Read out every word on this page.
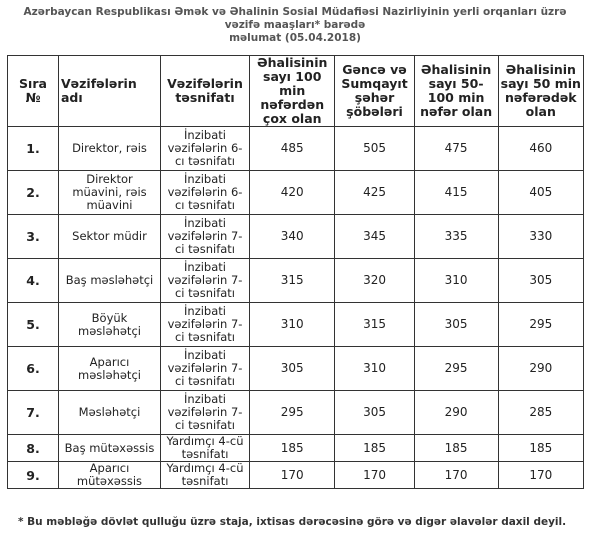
Azərbaycan Respublikası Əmək və Əhalinin Sosial Müdafiəsi Nazirliyinin yerli orqanları üzrə vəzifə maaşları* barədə
məlumat (05.04.2018)
Sıra №	Vəzifələrin adı	Vəzifələrin təsnifatı	Əhalisinin sayı 100 min nəfərdən çox olan	Gəncə və Sumqayıt şəhər şöbələri	Əhalisinin sayı 50-100 min nəfər olan	Əhalisinin sayı 50 min nəfərədək olan
1.	Direktor, rəis	İnzibati vəzifələrin 6-cı təsnifatı	485	505	475	460
2.	Direktor müavini, rəis müavini	İnzibati vəzifələrin 6-cı təsnifatı	420	425	415	405
3.	Sektor müdir	İnzibati vəzifələrin 7-ci təsnifatı	340	345	335	330
4.	Baş məsləhətçi	İnzibati vəzifələrin 7-ci təsnifatı	315	320	310	305
5.	Böyük məsləhətçi	İnzibati vəzifələrin 7-ci təsnifatı	310	315	305	295
6.	Aparıcı məsləhətçi	İnzibati vəzifələrin 7-ci təsnifatı	305	310	295	290
7.	Məsləhətçi	İnzibati vəzifələrin 7-ci təsnifatı	295	305	290	285
8.	Baş mütəxəssis	Yardımçı 4-cü təsnifatı	185	185	185	185
9.	Aparıcı mütəxəssis	Yardımçı 4-cü təsnifatı	170	170	170	170
* Bu məbləğə dövlət qulluğu üzrə staja, ixtisas dərəcəsinə görə və digər əlavələr daxil deyil.
